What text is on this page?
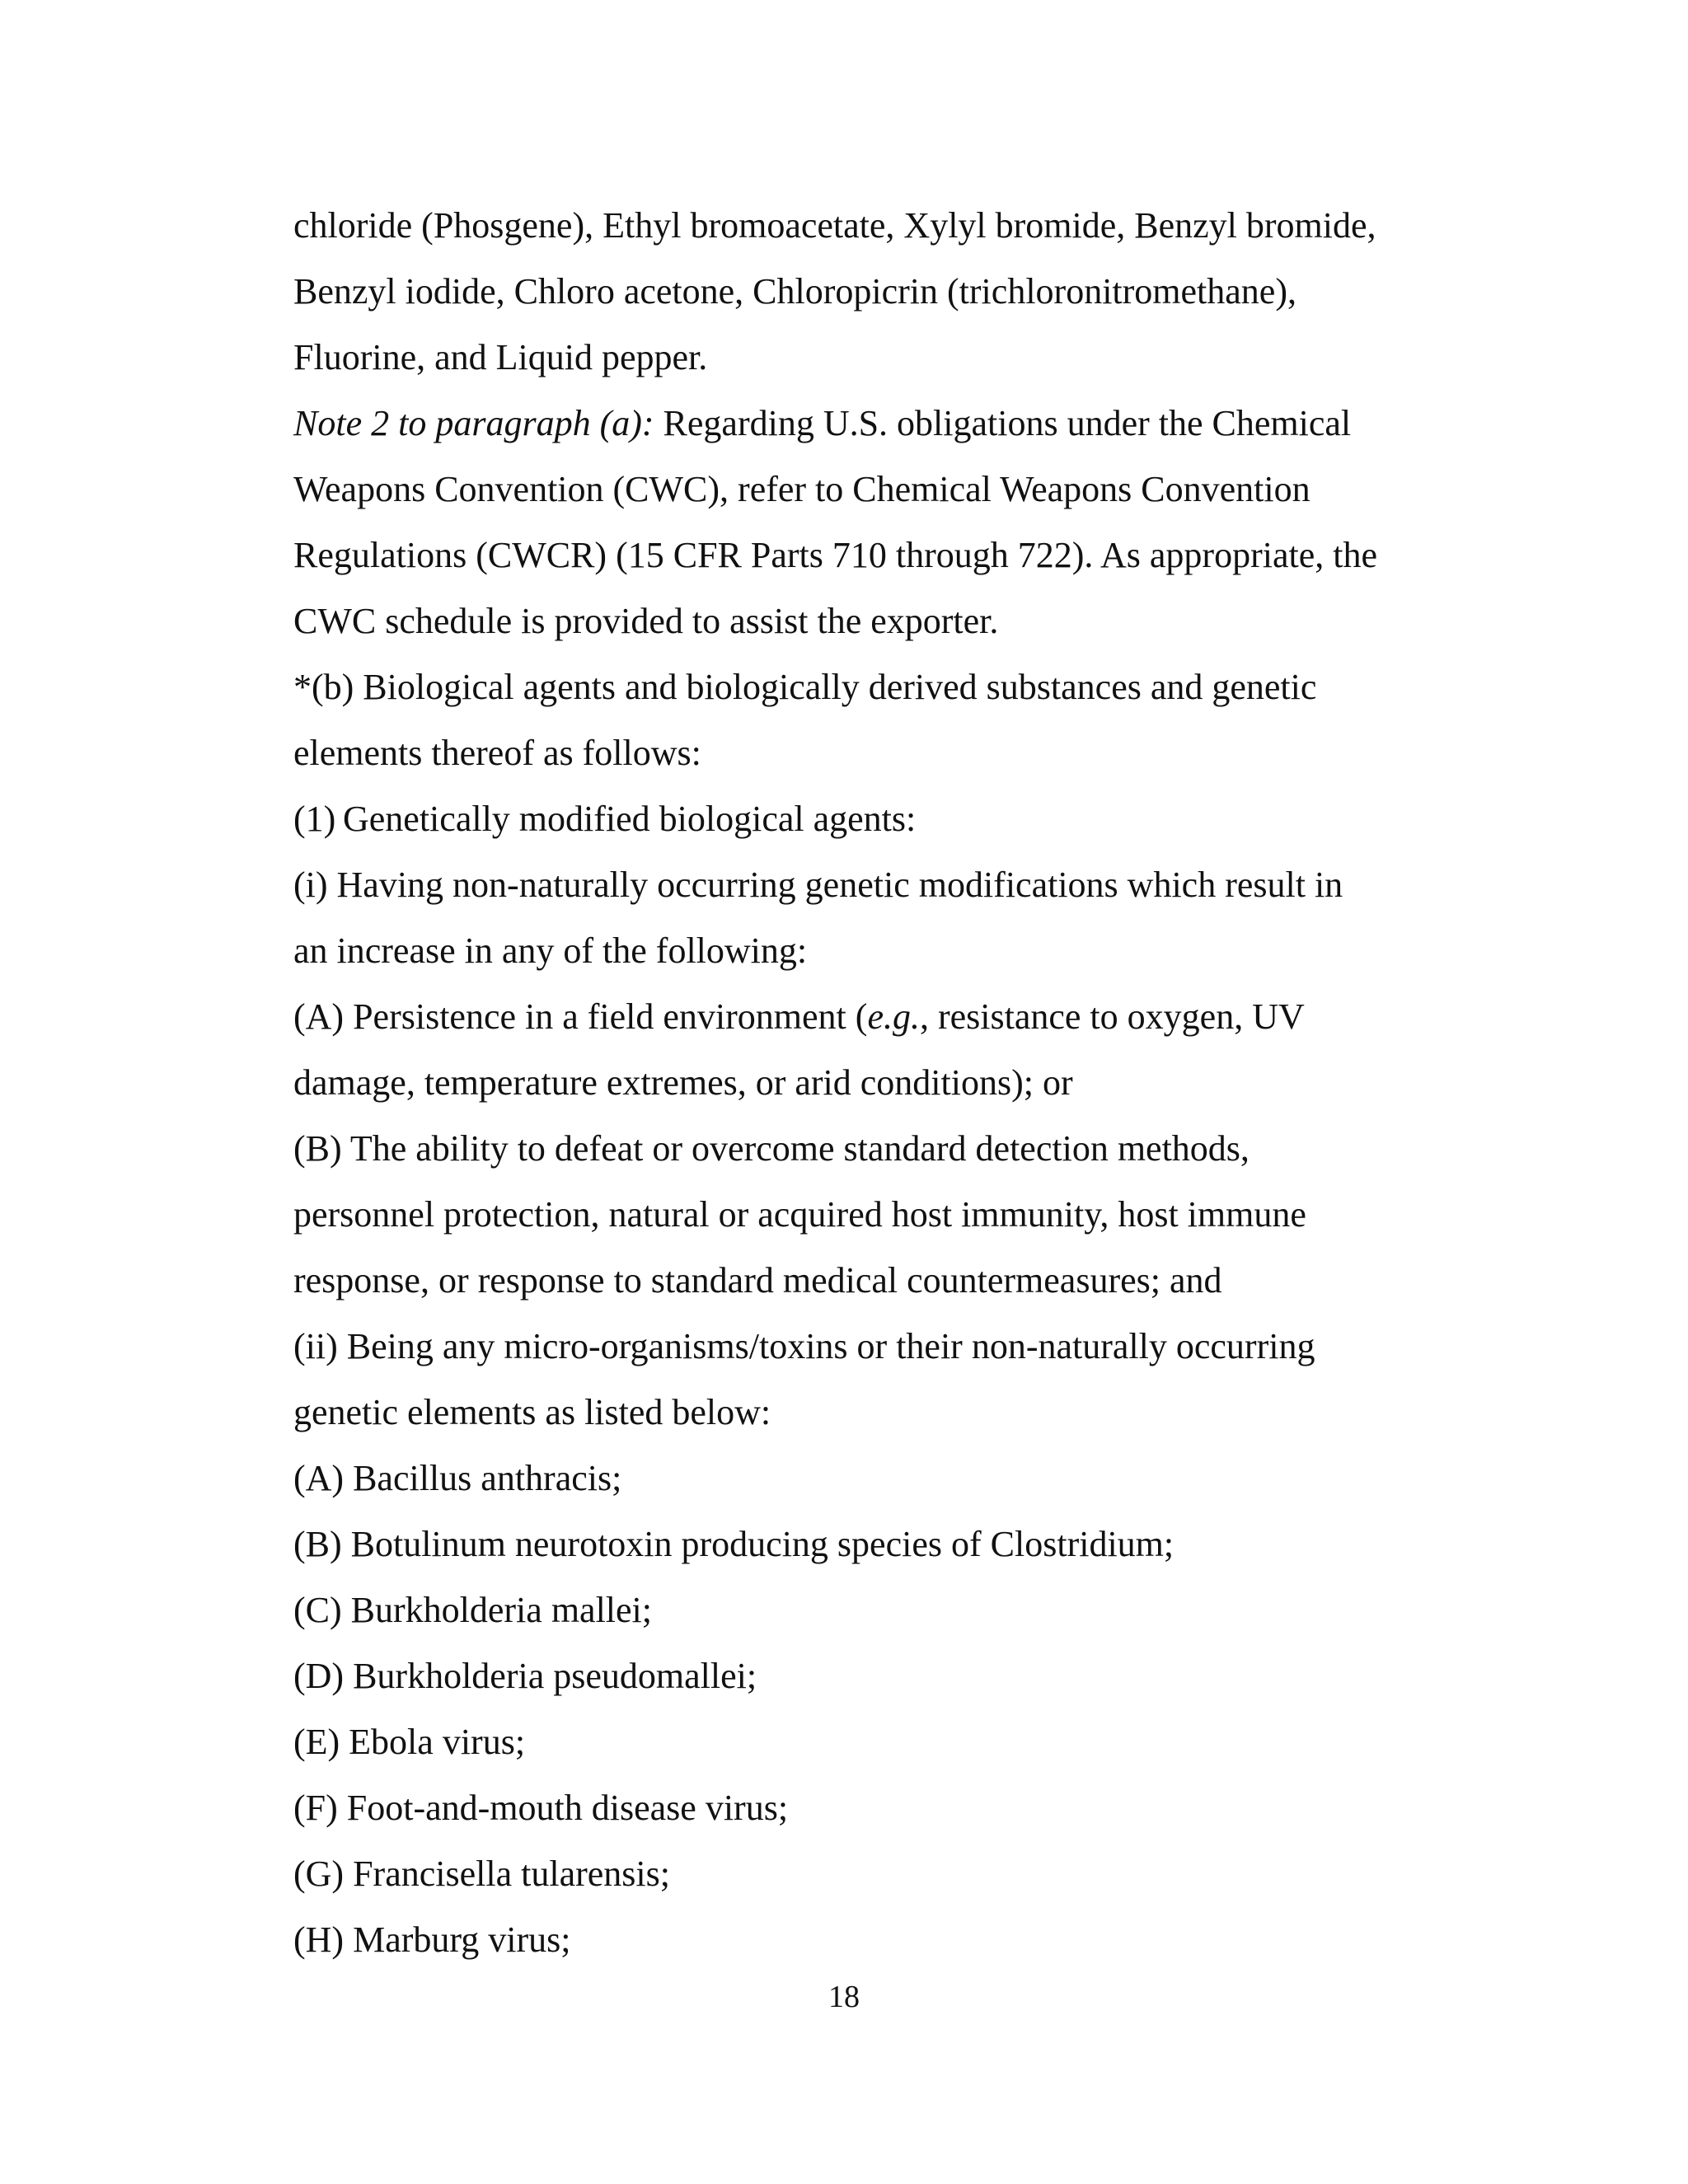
chloride (Phosgene), Ethyl bromoacetate, Xylyl bromide, Benzyl bromide,
Benzyl iodide, Chloro acetone, Chloropicrin (trichloronitromethane),
Fluorine, and Liquid pepper.
Note 2 to paragraph (a): Regarding U.S. obligations under the Chemical
Weapons Convention (CWC), refer to Chemical Weapons Convention
Regulations (CWCR) (15 CFR Parts 710 through 722). As appropriate, the
CWC schedule is provided to assist the exporter.
*(b) Biological agents and biologically derived substances and genetic
elements thereof as follows:
(1) Genetically modified biological agents:
(i) Having non-naturally occurring genetic modifications which result in
an increase in any of the following:
(A) Persistence in a field environment (e.g., resistance to oxygen, UV
damage, temperature extremes, or arid conditions); or
(B) The ability to defeat or overcome standard detection methods,
personnel protection, natural or acquired host immunity, host immune
response, or response to standard medical countermeasures; and
(ii) Being any micro-organisms/toxins or their non-naturally occurring
genetic elements as listed below:
(A) Bacillus anthracis;
(B) Botulinum neurotoxin producing species of Clostridium;
(C) Burkholderia mallei;
(D) Burkholderia pseudomallei;
(E) Ebola virus;
(F) Foot-and-mouth disease virus;
(G) Francisella tularensis;
(H) Marburg virus;
18
